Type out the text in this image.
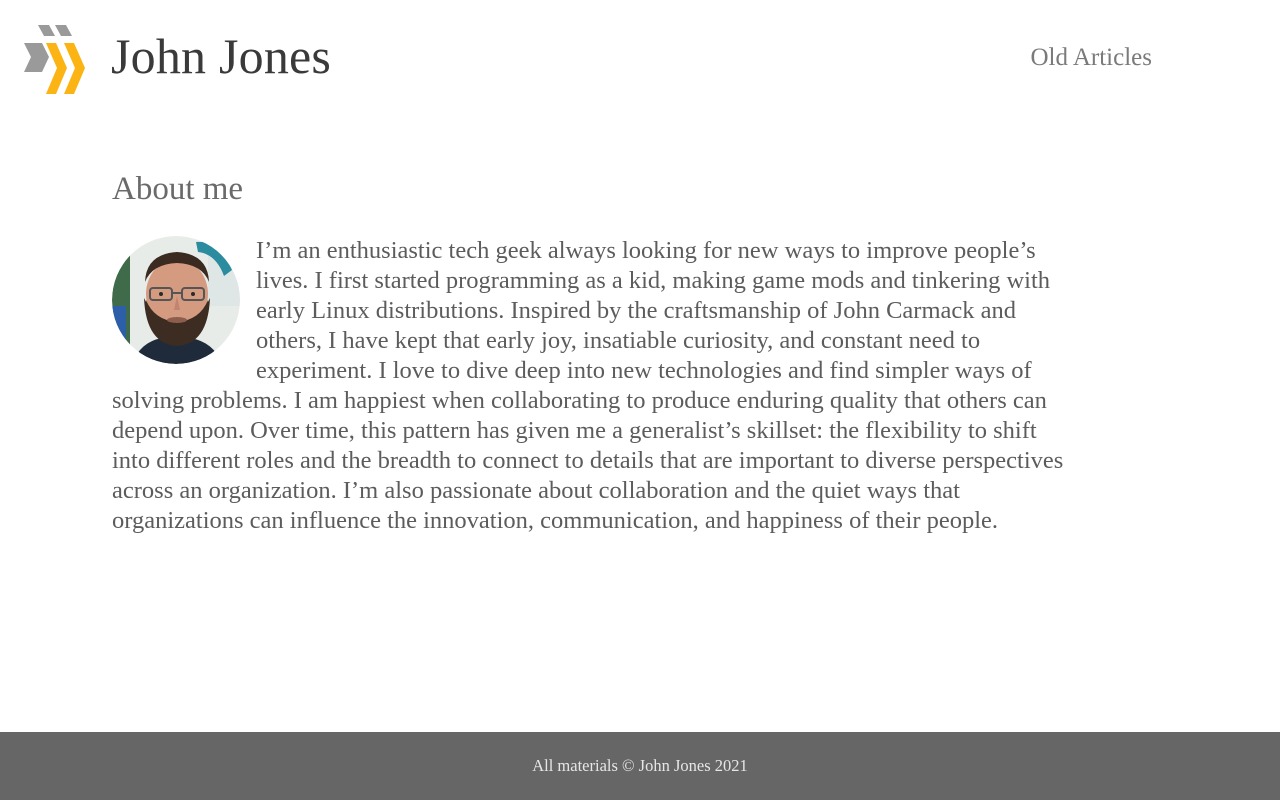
John Jones	Old Articles
About me
I’m an enthusiastic tech geek always looking for new ways to improve people’s lives. I first started programming as a kid, making game mods and tinkering with early Linux distributions. Inspired by the craftsmanship of John Carmack and others, I have kept that early joy, insatiable curiosity, and constant need to experiment. I love to dive deep into new technologies and find simpler ways of solving problems. I am happiest when collaborating to produce enduring quality that others can depend upon. Over time, this pattern has given me a generalist’s skillset: the flexibility to shift into different roles and the breadth to connect to details that are important to diverse perspectives across an organization. I’m also passionate about collaboration and the quiet ways that organizations can influence the innovation, communication, and happiness of their people.
All materials © John Jones 2021
